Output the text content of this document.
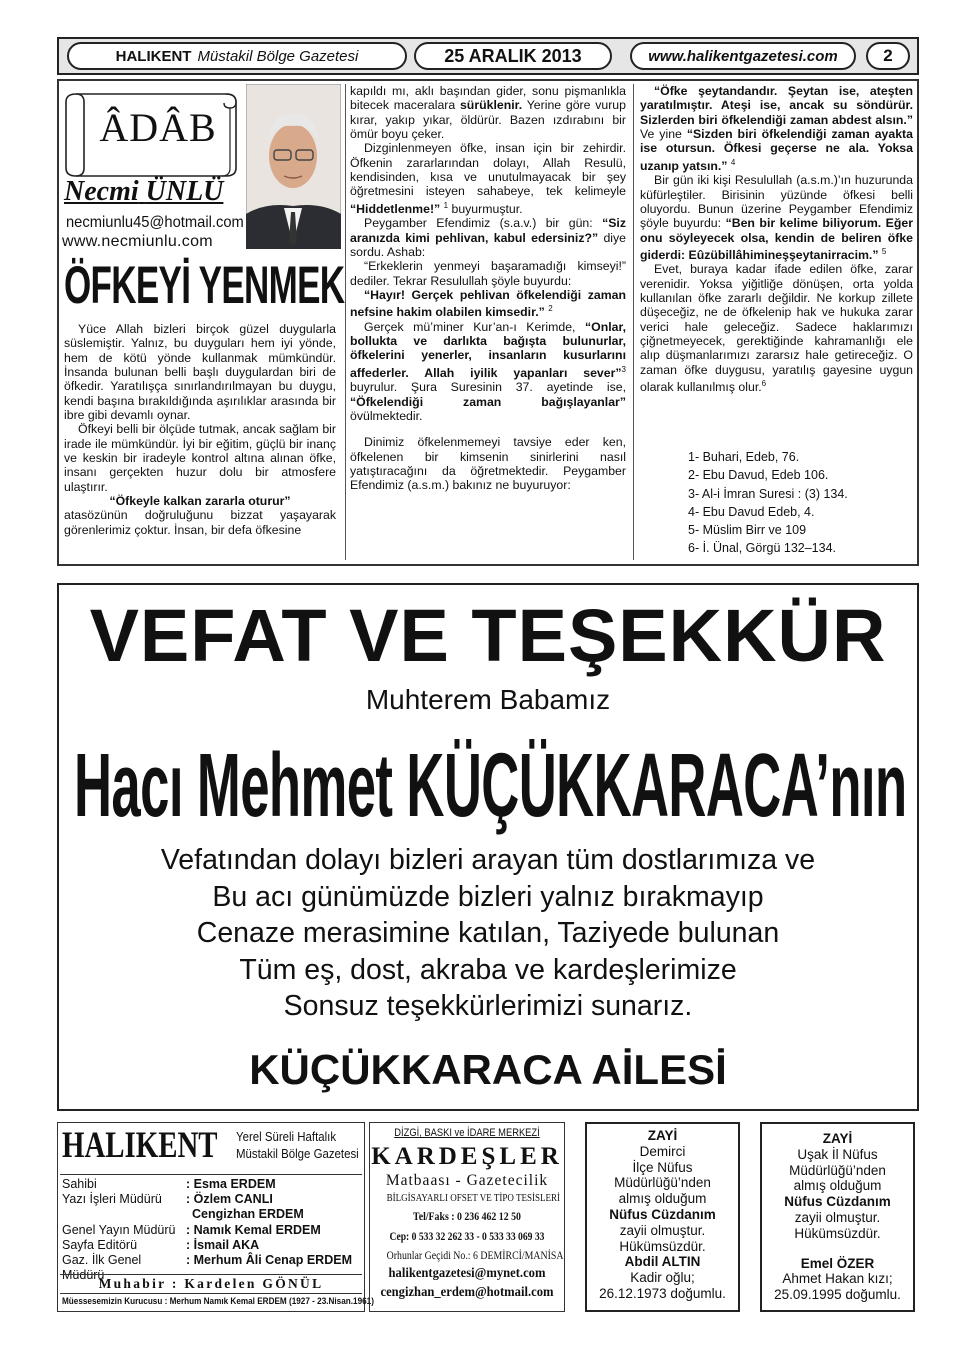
HALIKENT Müstakil Bölge Gazetesi	25 ARALIK 2013	www.halikentgazetesi.com	2
ÂDÂB
Necmi ÜNLÜ
necmiunlu45@hotmail.com
www.necmiunlu.com
ÖFKEYİ YENMEK

Yüce Allah bizleri birçok güzel duygularla süslemiştir. Yalnız, bu duyguları hem iyi yönde, hem de kötü yönde kullanmak mümkündür. İnsanda bulunan belli başlı duygulardan biri de öfkedir. Yaratılışça sınırlandırılmayan bu duygu, kendi başına bırakıldığında aşırılıklar arasında bir ibre gibi devamlı oynar.

Öfkeyi belli bir ölçüde tutmak, ancak sağlam bir irade ile mümkündür. İyi bir eğitim, güçlü bir inanç ve keskin bir iradeyle kontrol altına alınan öfke, insanı gerçekten huzur dolu bir atmosfere ulaştırır.

“Öfkeyle kalkan zararla oturur”

atasözünün doğruluğunu bizzat yaşayarak görenlerimiz çoktur. İnsan, bir defa öfkesine
kapıldı mı, aklı başından gider, sonu pişmanlıkla bitecek maceralara sürüklenir. Yerine göre vurup kırar, yakıp yıkar, öldürür. Bazen ızdırabını bir ömür boyu çeker.

Dizginlenmeyen öfke, insan için bir zehirdir. Öfkenin zararlarından dolayı, Allah Resulü, kendisinden, kısa ve unutulmayacak bir şey öğretmesini isteyen sahabeye, tek kelimeyle “Hiddetlenme!” $^1$ buyurmuştur.

Peygamber Efendimiz (s.a.v.) bir gün: “Siz aranızda kimi pehlivan, kabul edersiniz?” diye sordu. Ashab:

“Erkeklerin yenmeyi başaramadığı kimseyi!” dediler. Tekrar Resulullah şöyle buyurdu:

“Hayır! Gerçek pehlivan öfkelendiği zaman nefsine hakim olabilen kimsedir.” $^2$

Gerçek mü’miner Kur’an-ı Kerimde, “Onlar, bollukta ve darlıkta bağışta bulunurlar, öfkelerini yenerler, insanların kusurlarını affederler. Allah iyilik yapanları sever”$^3$ buyrulur. Şura Suresinin 37. ayetinde ise, “Öfkelendiği zaman bağışlayanlar” övülmektedir.

Dinimiz öfkelenmemeyi tavsiye eder ken, öfkelenen bir kimsenin sinirlerini nasıl yatıştıracağını da öğretmektedir. Peygamber Efendimiz (a.s.m.) bakınız ne buyuruyor:

“Öfke şeytandandır. Şeytan ise, ateşten yaratılmıştır. Ateşi ise, ancak su söndürür. Sizlerden biri öfkelendiği zaman abdest alsın.” Ve yine “Sizden biri öfkelendiği zaman ayakta ise otursun. Öfkesi geçerse ne ala. Yoksa uzanıp yatsın.” $^4$

Bir gün iki kişi Resulullah (a.s.m.)’ın huzurunda küfürleştiler. Birisinin yüzünde öfkesi belli oluyordu. Bunun üzerine Peygamber Efendimiz şöyle buyurdu: “Ben bir kelime biliyorum. Eğer onu söyleyecek olsa, kendin de beliren öfke giderdi: Eûzübillâhimineşşeytanirracim.” $^5$

Evet, buraya kadar ifade edilen öfke, zarar verenidir. Yoksa yiğitliğe dönüşen, orta yolda kullanılan öfke zararlı değildir. Ne korkup zillete düşeceğiz, ne de öfkelenip hak ve hukuka zarar verici hale geleceğiz. Sadece haklarımızı çiğnetmeyecek, gerektiğinde kahramanlığı ele alıp düşmanlarımızı zararsız hale getireceğiz. O zaman öfke duygusu, yaratılış gayesine uygun olarak kullanılmış olur.$^6$

1- Buhari, Edeb, 76.
2- Ebu Davud, Edeb 106.
3- Al-i İmran Suresi : (3) 134.
4- Ebu Davud Edeb, 4.
5- Müslim Birr ve 109
6- İ. Ünal, Görgü 132–134.
VEFAT VE TEŞEKKÜR
Muhterem Babamız
Hacı Mehmet KÜÇÜKKARACA’nın
Vefatından dolayı bizleri arayan tüm dostlarımıza ve
Bu acı günümüzde bizleri yalnız bırakmayıp
Cenaze merasimine katılan, Taziyede bulunan
Tüm eş, dost, akraba ve kardeşlerimize
Sonsuz teşekkürlerimizi sunarız.
KÜÇÜKKARACA AİLESİ
HALIKENT Yerel Süreli Haftalık
Müstakil Bölge Gazetesi
Sahibi	: Esma ERDEM
Yazı İşleri Müdürü	: Özlem CANLI
Cengizhan ERDEM
Genel Yayın Müdürü : Namık Kemal ERDEM
Sayfa Editörü	: İsmail AKA
Gaz. İlk Genel Müdürü
: Merhum Âli Cenap ERDEM
Muhabir : Kardelen GÖNÜL
Müessesemizin Kurucusu : Merhum Namık Kemal ERDEM (1927 - 23.Nisan.1961)
DİZGİ, BASKI ve İDARE MERKEZİ
KARDEŞLER
Matbaası - Gazetecilik
BİLGİSAYARLI OFSET VE TİPO TESİSLERİ
Tel/Faks : 0 236 462 12 50
Cep: 0 533 32 262 33 - 0 533 33 069 33
Orhunlar Geçidi No.: 6 DEMİRCİ/MANİSA
halikentgazetesi@mynet.com
cengizhan_erdem@hotmail.com
ZAYİ
Demirci
İlçe Nüfus
Müdürlüğü’nden
almış olduğum
Nüfus Cüzdanım
zayii olmuştur.
Hükümsüzdür.
Abdil ALTIN
Kadir oğlu;
26.12.1973 doğumlu.
ZAYİ
Uşak İl Nüfus
Müdürlüğü’nden
almış olduğum
Nüfus Cüzdanım
zayii olmuştur.
Hükümsüzdür.
Emel ÖZER
Ahmet Hakan kızı;
25.09.1995 doğumlu.
